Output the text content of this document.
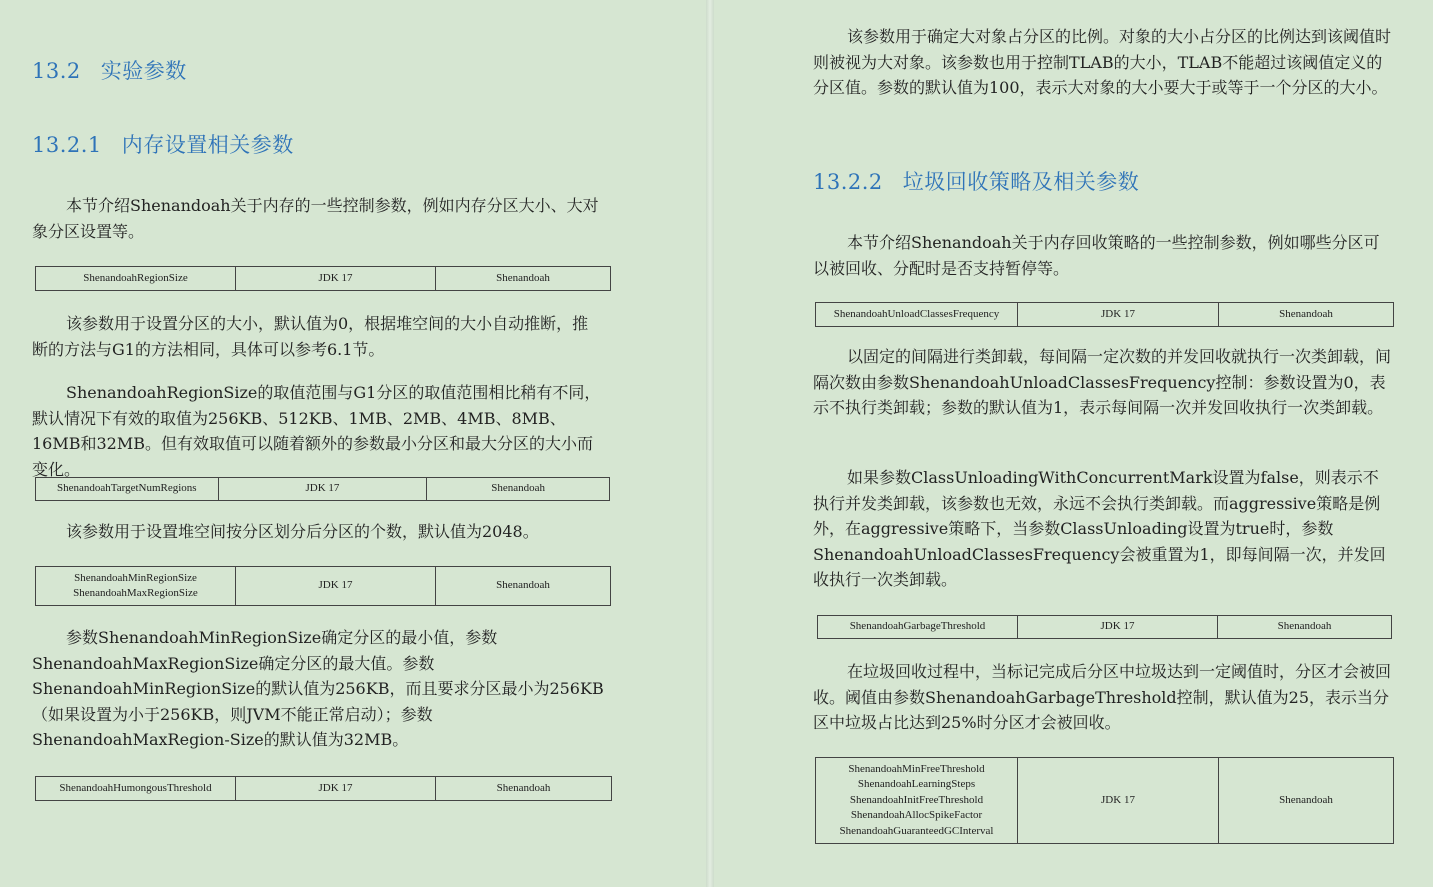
13.2 实验参数
13.2.1 内存设置相关参数

本节介绍Shenandoah关于内存的一些控制参数，例如内存分区大小、大对象分区设置等。

ShenandoahRegionSize	JDK 17	Shenandoah

该参数用于设置分区的大小，默认值为0，根据堆空间的大小自动推断，推断的方法与G1的方法相同，具体可以参考6.1节。

ShenandoahRegionSize的取值范围与G1分区的取值范围相比稍有不同，默认情况下有效的取值为256KB、512KB、1MB、2MB、4MB、8MB、16MB和32MB。但有效取值可以随着额外的参数最小分区和最大分区的大小而变化。

ShenandoahTargetNumRegions	JDK 17	Shenandoah

该参数用于设置堆空间按分区划分后分区的个数，默认值为2048。

ShenandoahMinRegionSize
ShenandoahMaxRegionSize
	JDK 17	Shenandoah

参数ShenandoahMinRegionSize确定分区的最小值，参数ShenandoahMaxRegionSize确定分区的最大值。参数ShenandoahMinRegionSize的默认值为256KB，而且要求分区最小为256KB（如果设置为小于256KB，则JVM不能正常启动）；参数ShenandoahMaxRegion-Size的默认值为32MB。

ShenandoahHumongousThreshold	JDK 17	Shenandoah

该参数用于确定大对象占分区的比例。对象的大小占分区的比例达到该阈值时则被视为大对象。该参数也用于控制TLAB的大小，TLAB不能超过该阈值定义的分区值。参数的默认值为100，表示大对象的大小要大于或等于一个分区的大小。

13.2.2 垃圾回收策略及相关参数

本节介绍Shenandoah关于内存回收策略的一些控制参数，例如哪些分区可以被回收、分配时是否支持暂停等。

ShenandoahUnloadClassesFrequency	JDK 17	Shenandoah

以固定的间隔进行类卸载，每间隔一定次数的并发回收就执行一次类卸载，间隔次数由参数ShenandoahUnloadClassesFrequency控制：参数设置为0，表示不执行类卸载；参数的默认值为1，表示每间隔一次并发回收执行一次类卸载。

如果参数ClassUnloadingWithConcurrentMark设置为false，则表示不执行并发类卸载，该参数也无效，永远不会执行类卸载。而aggressive策略是例外，在aggressive策略下，当参数ClassUnloading设置为true时，参数ShenandoahUnloadClassesFrequency会被重置为1，即每间隔一次，并发回收执行一次类卸载。

ShenandoahGarbageThreshold	JDK 17	Shenandoah

在垃圾回收过程中，当标记完成后分区中垃圾达到一定阈值时，分区才会被回收。阈值由参数ShenandoahGarbageThreshold控制，默认值为25，表示当分区中垃圾占比达到25%时分区才会被回收。

ShenandoahMinFreeThreshold
ShenandoahLearningSteps
ShenandoahInitFreeThreshold
ShenandoahAllocSpikeFactor
ShenandoahGuaranteedGCInterval
	JDK 17	Shenandoah
